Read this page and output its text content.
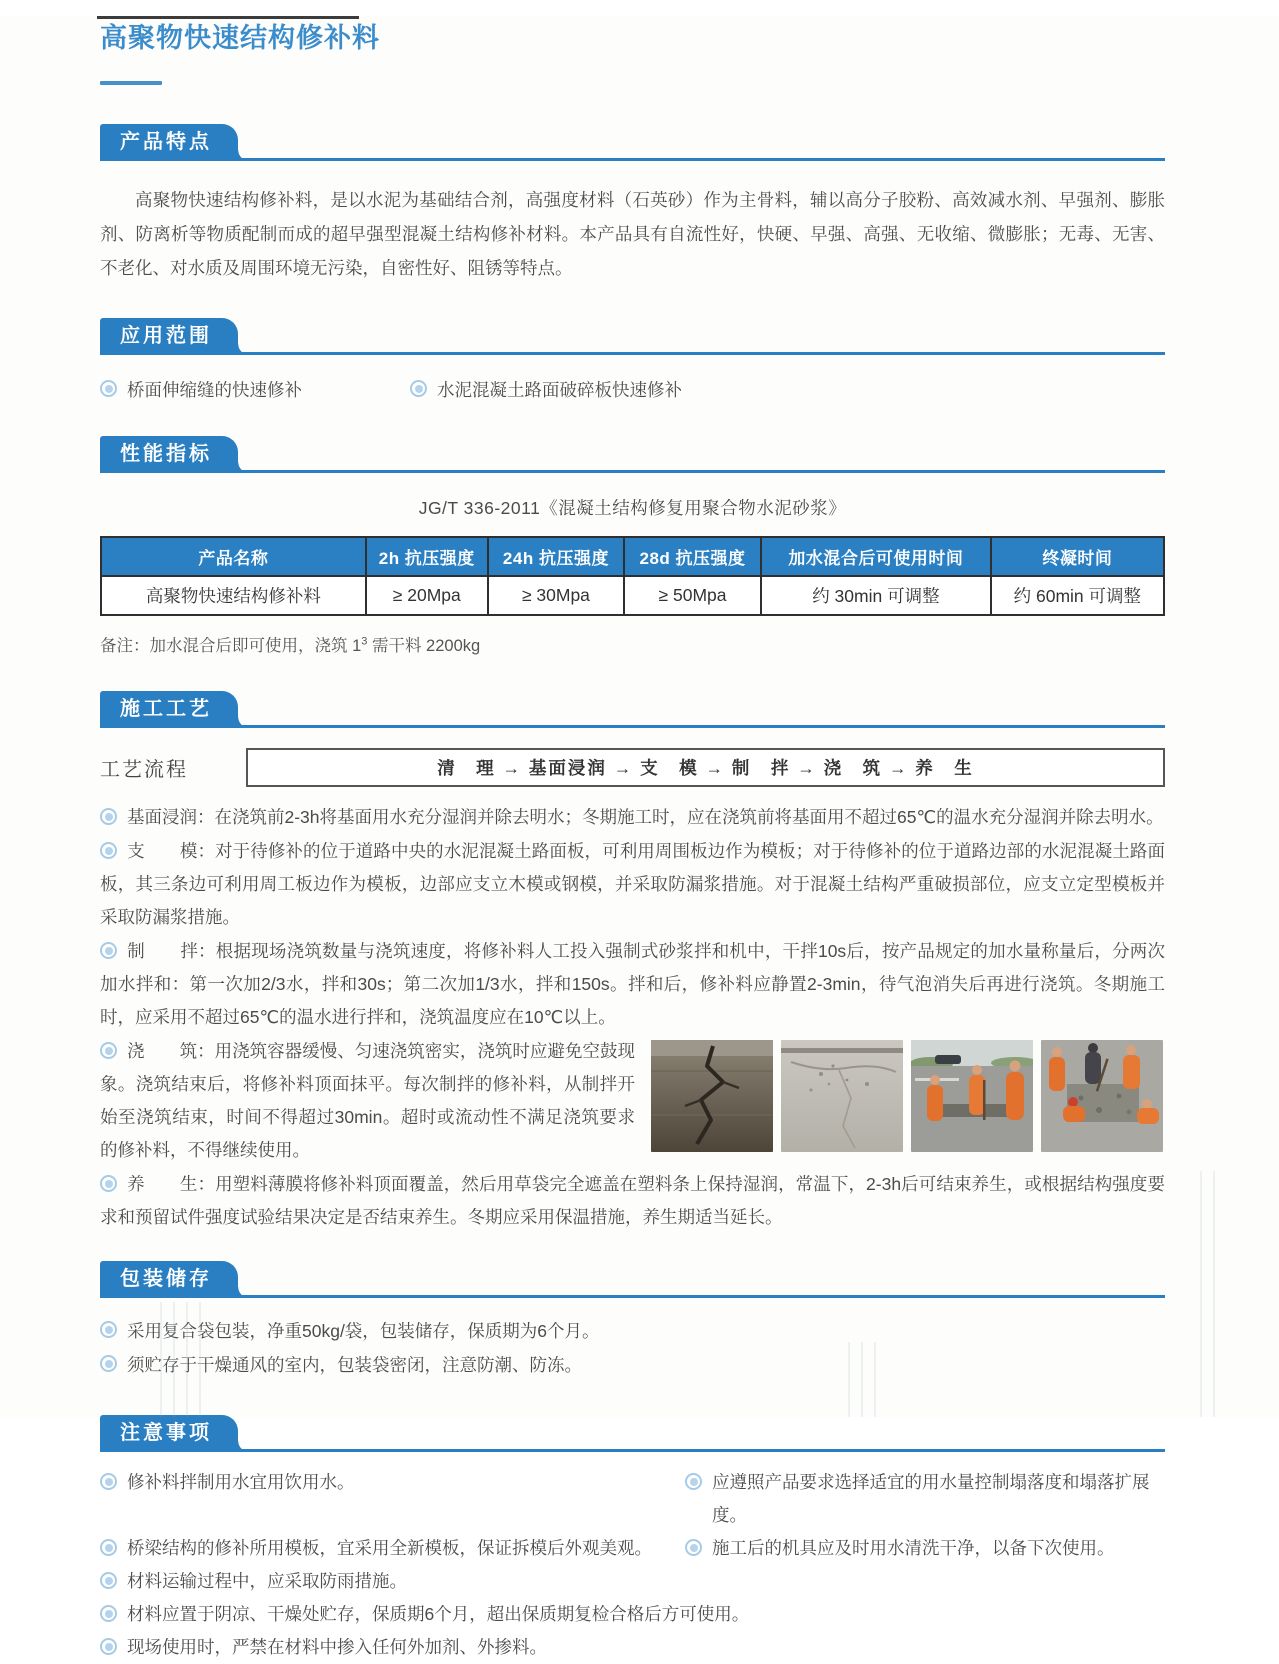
高聚物快速结构修补料
产品特点

高聚物快速结构修补料，是以水泥为基础结合剂，高强度材料（石英砂）作为主骨料，辅以高分子胶粉、高效减水剂、早强剂、膨胀剂、防离析等物质配制而成的超早强型混凝土结构修补材料。本产品具有自流性好，快硬、早强、高强、无收缩、微膨胀；无毒、无害、不老化、对水质及周围环境无污染，自密性好、阻锈等特点。

应用范围
桥面伸缩缝的快速修补	水泥混凝土路面破碎板快速修补
性能指标
JG/T 336-2011《混凝土结构修复用聚合物水泥砂浆》
产品名称	2h 抗压强度	24h 抗压强度	28d 抗压强度	加水混合后可使用时间	终凝时间
高聚物快速结构修补料	≥ 20Mpa	≥ 30Mpa	≥ 50Mpa	约 30min 可调整	约 60min 可调整
备注：加水混合后即可使用，浇筑 $1^3$ 需干料 2200kg
施工工艺
工艺流程	清　理 → 基面浸润 → 支　模 → 制　拌 → 浇　筑 → 养　生
基面浸润：在浇筑前2-3h将基面用水充分湿润并除去明水；冬期施工时，应在浇筑前将基面用不超过65℃的温水充分湿润并除去明水。
支　　模：对于待修补的位于道路中央的水泥混凝土路面板，可利用周围板边作为模板；对于待修补的位于道路边部的水泥混凝土路面板，其三条边可利用周工板边作为模板，边部应支立木模或钢模，并采取防漏浆措施。对于混凝土结构严重破损部位，应支立定型模板并采取防漏浆措施。
制　　拌：根据现场浇筑数量与浇筑速度，将修补料人工投入强制式砂浆拌和机中，干拌10s后，按产品规定的加水量称量后，分两次加水拌和：第一次加2/3水，拌和30s；第二次加1/3水，拌和150s。拌和后，修补料应静置2-3min，待气泡消失后再进行浇筑。冬期施工时，应采用不超过65℃的温水进行拌和，浇筑温度应在10℃以上。
浇　　筑：用浇筑容器缓慢、匀速浇筑密实，浇筑时应避免空鼓现象。浇筑结束后，将修补料顶面抹平。每次制拌的修补料，从制拌开始至浇筑结束，时间不得超过30min。超时或流动性不满足浇筑要求的修补料，不得继续使用。
养　　生：用塑料薄膜将修补料顶面覆盖，然后用草袋完全遮盖在塑料条上保持湿润，常温下，2-3h后可结束养生，或根据结构强度要求和预留试件强度试验结果决定是否结束养生。冬期应采用保温措施，养生期适当延长。
包装储存
采用复合袋包装，净重50kg/袋，包装储存，保质期为6个月。
须贮存于干燥通风的室内，包装袋密闭，注意防潮、防冻。
注意事项
修补料拌制用水宜用饮用水。	应遵照产品要求选择适宜的用水量控制塌落度和塌落扩展度。
桥梁结构的修补所用模板，宜采用全新模板，保证拆模后外观美观。	施工后的机具应及时用水清洗干净，以备下次使用。
材料运输过程中，应采取防雨措施。
材料应置于阴凉、干燥处贮存，保质期6个月，超出保质期复检合格后方可使用。
现场使用时，严禁在材料中掺入任何外加剂、外掺料。
